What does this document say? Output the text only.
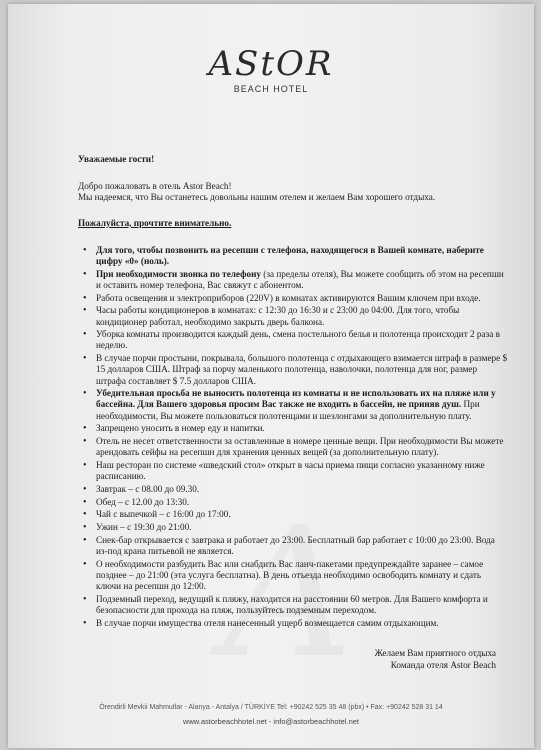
AStOR
BEACH HOTEL

Уважаемые гости!

Добро пожаловать в отель Astor Beach!

Мы надеемся, что Вы останетесь довольны нашим отелем и желаем Вам хорошего отдыха.

Пожалуйста, прочтите внимательно.

• Для того, чтобы позвонить на ресепшн с телефона, находящегося в Вашей комнате, наберите цифру «0» (ноль).
• При необходимости звонка по телефону (за пределы отеля), Вы можете сообщить об этом на ресепшн и оставить номер телефона, Вас свяжут с абонентом.
• Работа освещения и электроприборов (220V) в комнатах активируются Вашим ключем при входе.
• Часы работы кондиционеров в комнатах: с 12:30 до 16:30 и с 23:00 до 04:00. Для того, чтобы кондиционер работал, необходимо закрыть дверь балкона.
• Уборка комнаты производится каждый день, смена постельного белья и полотенца происходит 2 раза в неделю.
• В случае порчи простыни, покрывала, большого полотенца с отдыхающего взимается штраф в размере $ 15 долларов США. Штраф за порчу маленького полотенца, наволочки, полотенца для ног, размер штрафа составляет $ 7.5 долларов США.
• Убедительная просьба не выносить полотенца из комнаты и не использовать их на пляже или у бассейна. Для Вашего здоровья просим Вас также не входить в бассейн, не приняв душ. При необходимости, Вы можете пользоваться полотенцами и шезлонгами за дополнительную плату.
• Запрещено уносить в номер еду и напитки.
• Отель не несет ответственности за оставленные в номере ценные вещи. При необходимости Вы можете арендовать сейфы на ресепшн для хранения ценных вещей (за дополнительную плату).
• Наш ресторан по системе «шведский стол» открыт в часы приема пищи согласно указанному ниже расписанию.
• Завтрак – с 08.00 до 09.30.
• Обед – с 12.00 до 13:30.
• Чай с выпечкой – с 16:00 до 17:00.
• Ужин – с 19:30 до 21:00.
• Снек-бар открывается с завтрака и работает до 23:00. Бесплатный бар работает с 10:00 до 23:00. Вода из-под крана питьевой не является.
• О необходимости разбудить Вас или снабдить Вас ланч-пакетами предупреждайте заранее – самое позднее – до 21:00 (эта услуга бесплатна). В день отъезда необходимо освободить комнату и сдать ключи на ресепшн до 12:00.
• Подземный переход, ведущий к пляжу, находится на расстоянии 60 метров. Для Вашего комфорта и безопасности для прохода на пляж, пользуйтесь подземным переходом.
• В случае порчи имущества отеля нанесенный ущерб возмещается самим отдыхающим.
Желаем Вам приятного отдыха
Команда отеля Astor Beach
Örendirli Mevkii Mahmutlar - Alanya - Antalya / TÜRKİYE Tel: +90242 525 35 48 (pbx) • Fax: +90242 528 31 14
www.astorbeachhotel.net - info@astorbeachhotel.net
